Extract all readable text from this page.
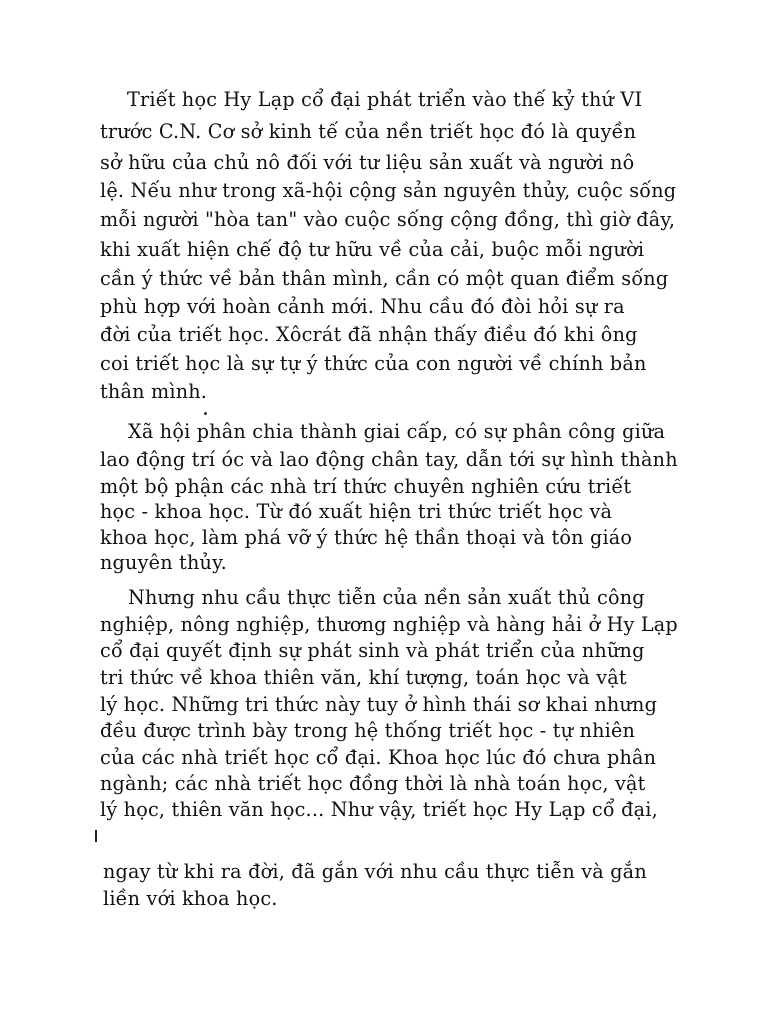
Triết học Hy Lạp cổ đại phát triển vào thế kỷ thứ VI
trước C.N. Cơ sở kinh tế của nền triết học đó là quyền
sở hữu của chủ nô đối với tư liệu sản xuất và người nô
lệ. Nếu như trong xã-hội cộng sản nguyên thủy, cuộc sống
mỗi người "hòa tan" vào cuộc sống cộng đồng, thì giờ đây,
khi xuất hiện chế độ tư hữu về của cải, buộc mỗi người
cần ý thức về bản thân mình, cần có một quan điểm sống
phù hợp với hoàn cảnh mới. Nhu cầu đó đòi hỏi sự ra
đời của triết học. Xôcrát đã nhận thấy điều đó khi ông
coi triết học là sự tự ý thức của con người về chính bản
thân mình.
Xã hội phân chia thành giai cấp, có sự phân công giữa
lao động trí óc và lao động chân tay, dẫn tới sự hình thành
một bộ phận các nhà trí thức chuyên nghiên cứu triết
học - khoa học. Từ đó xuất hiện tri thức triết học và
khoa học, làm phá vỡ ý thức hệ thần thoại và tôn giáo
nguyên thủy.
Nhưng nhu cầu thực tiễn của nền sản xuất thủ công
nghiệp, nông nghiệp, thương nghiệp và hàng hải ở Hy Lạp
cổ đại quyết định sự phát sinh và phát triển của những
tri thức về khoa thiên văn, khí tượng, toán học và vật
lý học. Những tri thức này tuy ở hình thái sơ khai nhưng
đều được trình bày trong hệ thống triết học - tự nhiên
của các nhà triết học cổ đại. Khoa học lúc đó chưa phân
ngành; các nhà triết học đồng thời là nhà toán học, vật
lý học, thiên văn học... Như vậy, triết học Hy Lạp cổ đại,
ngay từ khi ra đời, đã gắn với nhu cầu thực tiễn và gắn
liền với khoa học.
